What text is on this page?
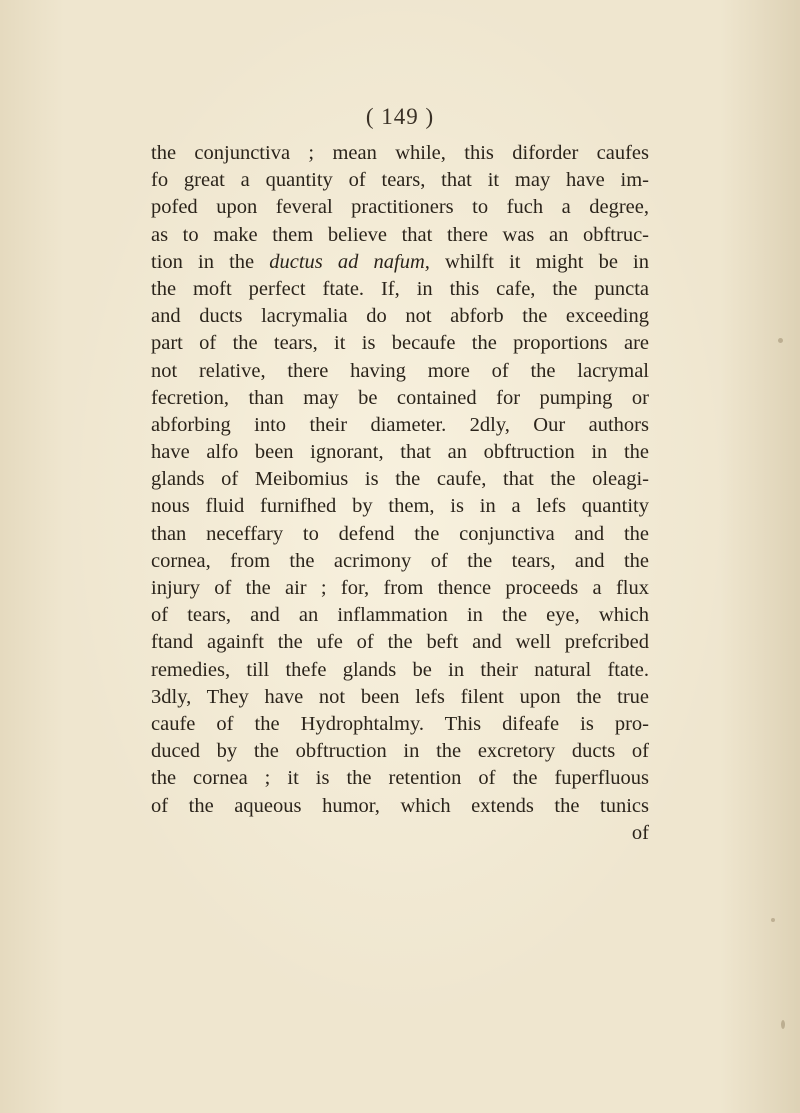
( 149 )
the conjunctiva ; mean while, this diforder caufes
fo great a quantity of tears, that it may have im-
pofed upon feveral practitioners to fuch a degree,
as to make them believe that there was an obftruc-
tion in the ductus ad nafum, whilft it might be in
the moft perfect ftate. If, in this cafe, the puncta
and ducts lacrymalia do not abforb the exceeding
part of the tears, it is becaufe the proportions are
not relative, there having more of the lacrymal
fecretion, than may be contained for pumping or
abforbing into their diameter. 2dly, Our authors
have alfo been ignorant, that an obftruction in the
glands of Meibomius is the caufe, that the oleagi-
nous fluid furnifhed by them, is in a lefs quantity
than neceffary to defend the conjunctiva and the
cornea, from the acrimony of the tears, and the
injury of the air ; for, from thence proceeds a flux
of tears, and an inflammation in the eye, which
ftand againft the ufe of the beft and well prefcribed
remedies, till thefe glands be in their natural ftate.
3dly, They have not been lefs filent upon the true
caufe of the Hydrophtalmy. This difeafe is pro-
duced by the obftruction in the excretory ducts of
the cornea ; it is the retention of the fuperfluous
of the aqueous humor, which extends the tunics
of
